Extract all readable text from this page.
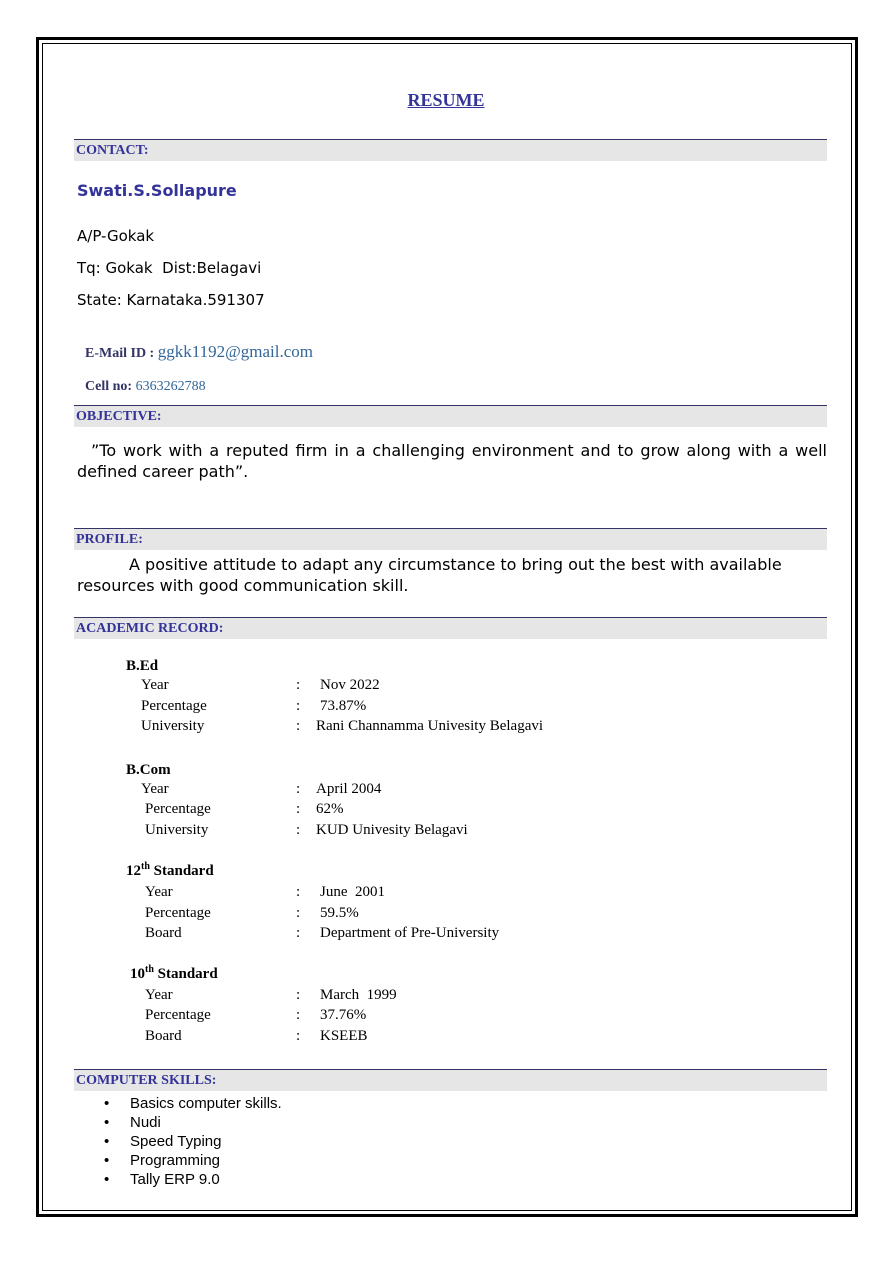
RESUME
CONTACT:
Swati.S.Sollapure
A/P-Gokak
Tq: Gokak  Dist:Belagavi
State: Karnataka.591307

E-Mail ID : ggkk1192@gmail.com

Cell no: 6363262788

OBJECTIVE:
”To work with a reputed firm in a challenging environment and to grow along with a well defined career path”.
PROFILE:
A positive attitude to adapt any circumstance to bring out the best with available resources with good communication skill.
ACADEMIC RECORD:
B.Ed
Year	: Nov 2022
Percentage	: 73.87%
University	: Rani Channamma Univesity Belagavi
B.Com
Year	: April 2004
Percentage	: 62%
University	: KUD Univesity Belagavi
12th Standard
Year	: June  2001
Percentage	: 59.5%
Board	: Department of Pre-University
10th Standard
Year	: March  1999
Percentage	: 37.76%
Board	: KSEEB
COMPUTER SKILLS:
• Basics computer skills.
• Nudi
• Speed Typing
• Programming
• Tally ERP 9.0
